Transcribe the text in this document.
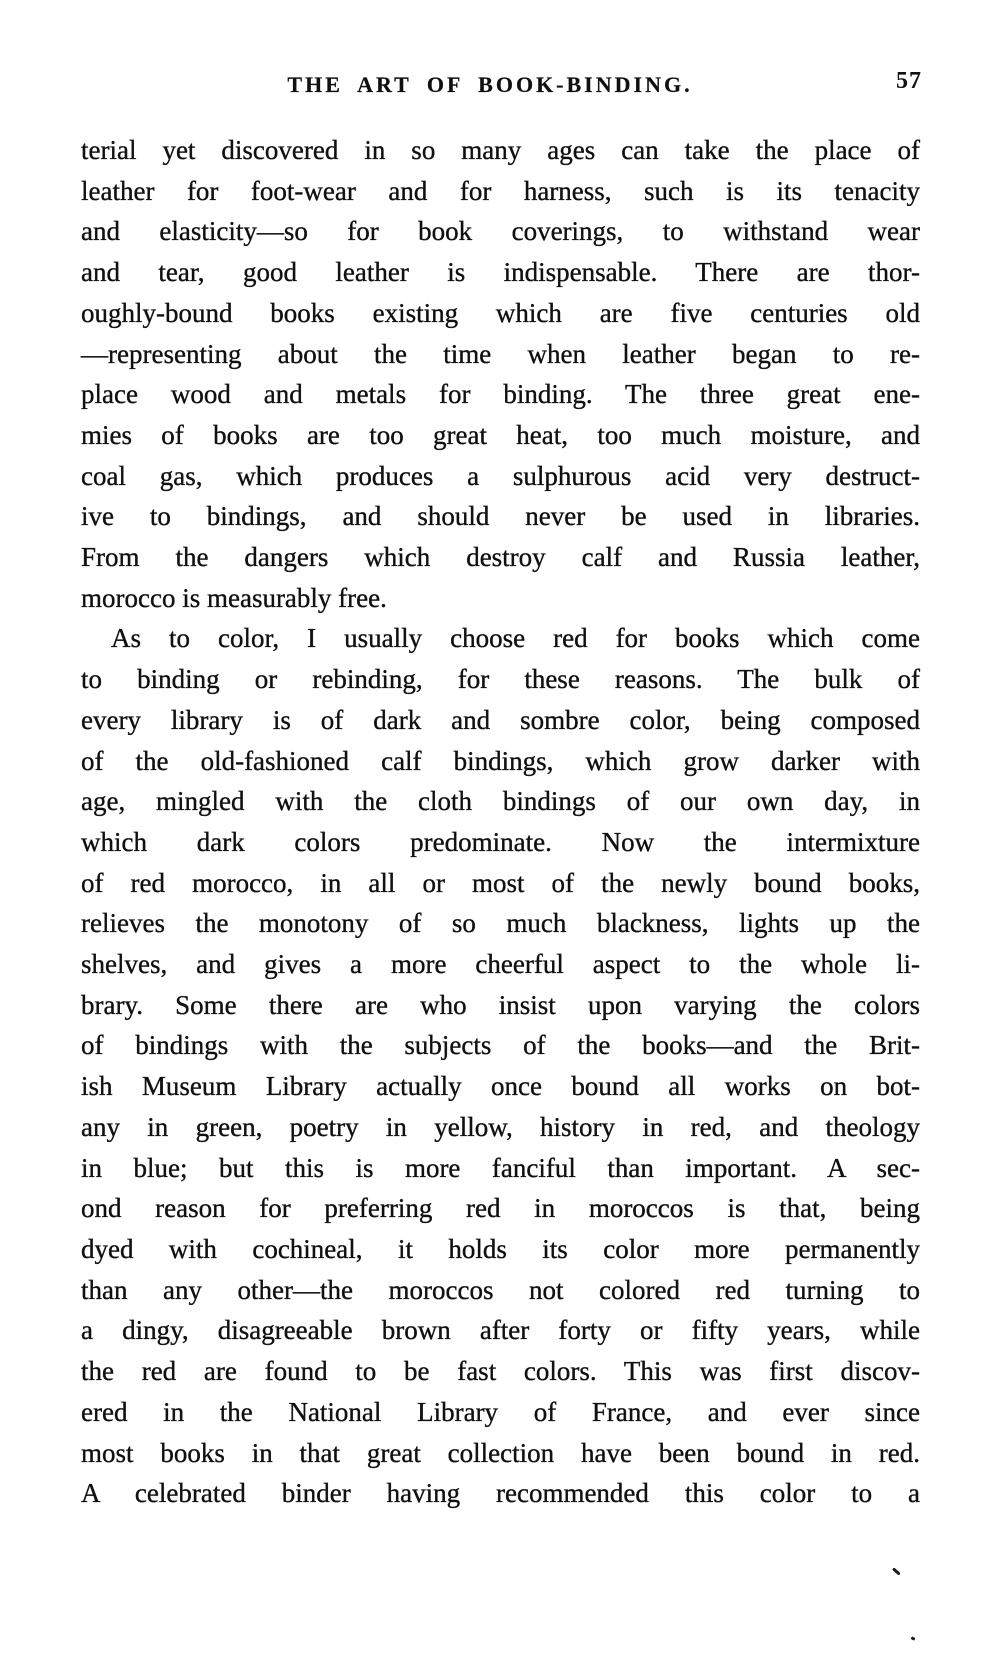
THE ART OF BOOK-BINDING.	57
terial yet discovered in so many ages can take the place of
leather for foot-wear and for harness, such is its tenacity
and elasticity—so for book coverings, to withstand wear
and tear, good leather is indispensable. There are thor-
oughly-bound books existing which are five centuries old
—representing about the time when leather began to re-
place wood and metals for binding. The three great ene-
mies of books are too great heat, too much moisture, and
coal gas, which produces a sulphurous acid very destruct-
ive to bindings, and should never be used in libraries.
From the dangers which destroy calf and Russia leather,
morocco is measurably free.
As to color, I usually choose red for books which come
to binding or rebinding, for these reasons. The bulk of
every library is of dark and sombre color, being composed
of the old-fashioned calf bindings, which grow darker with
age, mingled with the cloth bindings of our own day, in
which dark colors predominate. Now the intermixture
of red morocco, in all or most of the newly bound books,
relieves the monotony of so much blackness, lights up the
shelves, and gives a more cheerful aspect to the whole li-
brary. Some there are who insist upon varying the colors
of bindings with the subjects of the books—and the Brit-
ish Museum Library actually once bound all works on bot-
any in green, poetry in yellow, history in red, and theology
in blue; but this is more fanciful than important. A sec-
ond reason for preferring red in moroccos is that, being
dyed with cochineal, it holds its color more permanently
than any other—the moroccos not colored red turning to
a dingy, disagreeable brown after forty or fifty years, while
the red are found to be fast colors. This was first discov-
ered in the National Library of France, and ever since
most books in that great collection have been bound in red.
A celebrated binder having recommended this color to a
